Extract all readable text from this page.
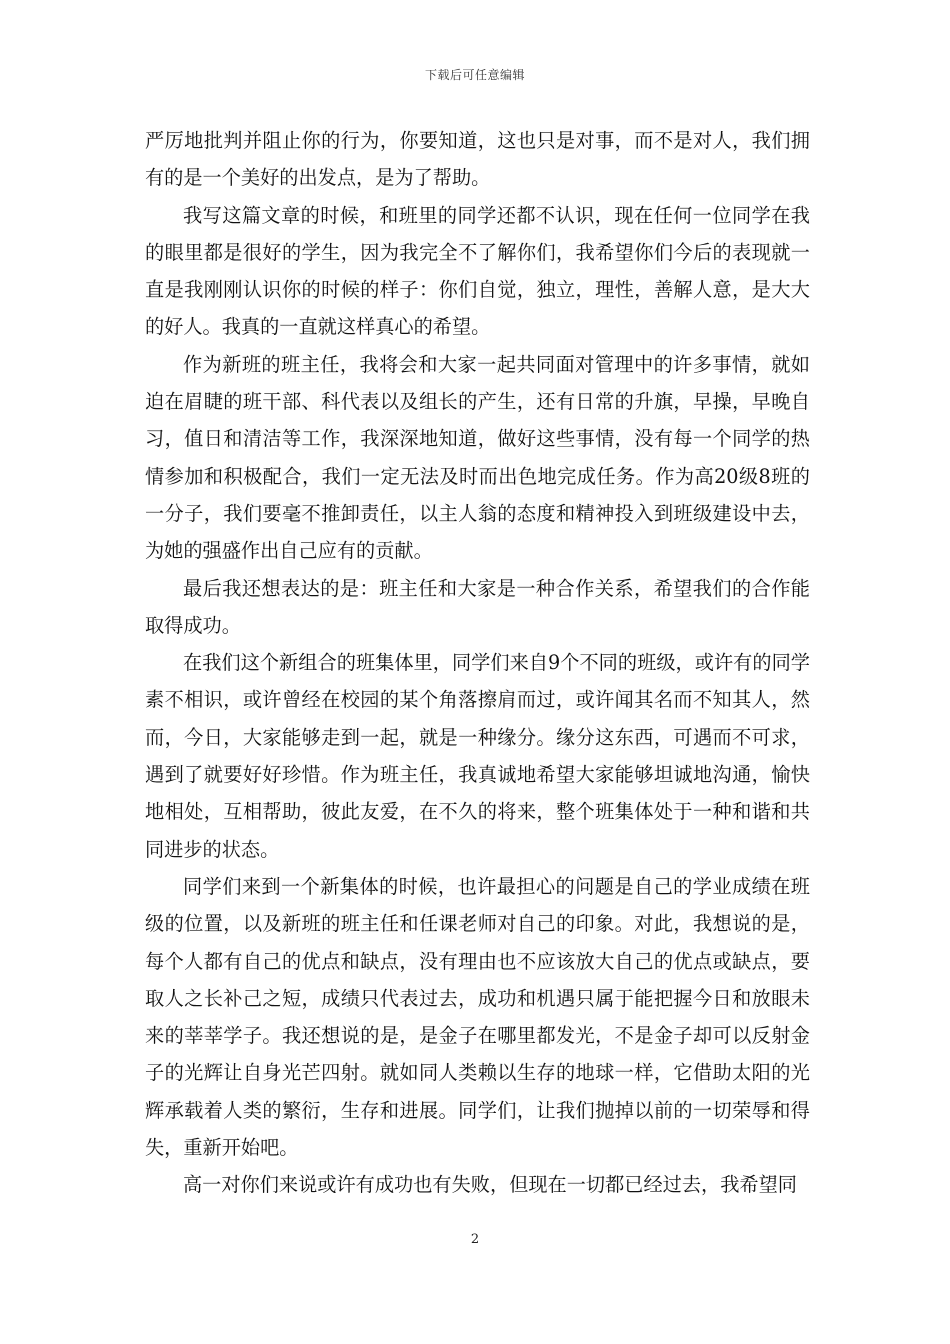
下载后可任意编辑

严厉地批判并阻止你的行为，你要知道，这也只是对事，而不是对人，我们拥有的是一个美好的出发点，是为了帮助。

我写这篇文章的时候，和班里的同学还都不认识，现在任何一位同学在我的眼里都是很好的学生，因为我完全不了解你们，我希望你们今后的表现就一直是我刚刚认识你的时候的样子：你们自觉，独立，理性，善解人意，是大大的好人。我真的一直就这样真心的希望。

作为新班的班主任，我将会和大家一起共同面对管理中的许多事情，就如迫在眉睫的班干部、科代表以及组长的产生，还有日常的升旗，早操，早晚自习，值日和清洁等工作，我深深地知道，做好这些事情，没有每一个同学的热情参加和积极配合，我们一定无法及时而出色地完成任务。作为高20级8班的一分子，我们要毫不推卸责任，以主人翁的态度和精神投入到班级建设中去，为她的强盛作出自己应有的贡献。

最后我还想表达的是：班主任和大家是一种合作关系，希望我们的合作能取得成功。

在我们这个新组合的班集体里，同学们来自9个不同的班级，或许有的同学素不相识，或许曾经在校园的某个角落擦肩而过，或许闻其名而不知其人，然而，今日，大家能够走到一起，就是一种缘分。缘分这东西，可遇而不可求，遇到了就要好好珍惜。作为班主任，我真诚地希望大家能够坦诚地沟通，愉快地相处，互相帮助，彼此友爱，在不久的将来，整个班集体处于一种和谐和共同进步的状态。

同学们来到一个新集体的时候，也许最担心的问题是自己的学业成绩在班级的位置，以及新班的班主任和任课老师对自己的印象。对此，我想说的是，每个人都有自己的优点和缺点，没有理由也不应该放大自己的优点或缺点，要取人之长补己之短，成绩只代表过去，成功和机遇只属于能把握今日和放眼未来的莘莘学子。我还想说的是，是金子在哪里都发光，不是金子却可以反射金子的光辉让自身光芒四射。就如同人类赖以生存的地球一样，它借助太阳的光辉承载着人类的繁衍，生存和进展。同学们，让我们抛掉以前的一切荣辱和得失，重新开始吧。

高一对你们来说或许有成功也有失败，但现在一切都已经过去，我希望同

2
